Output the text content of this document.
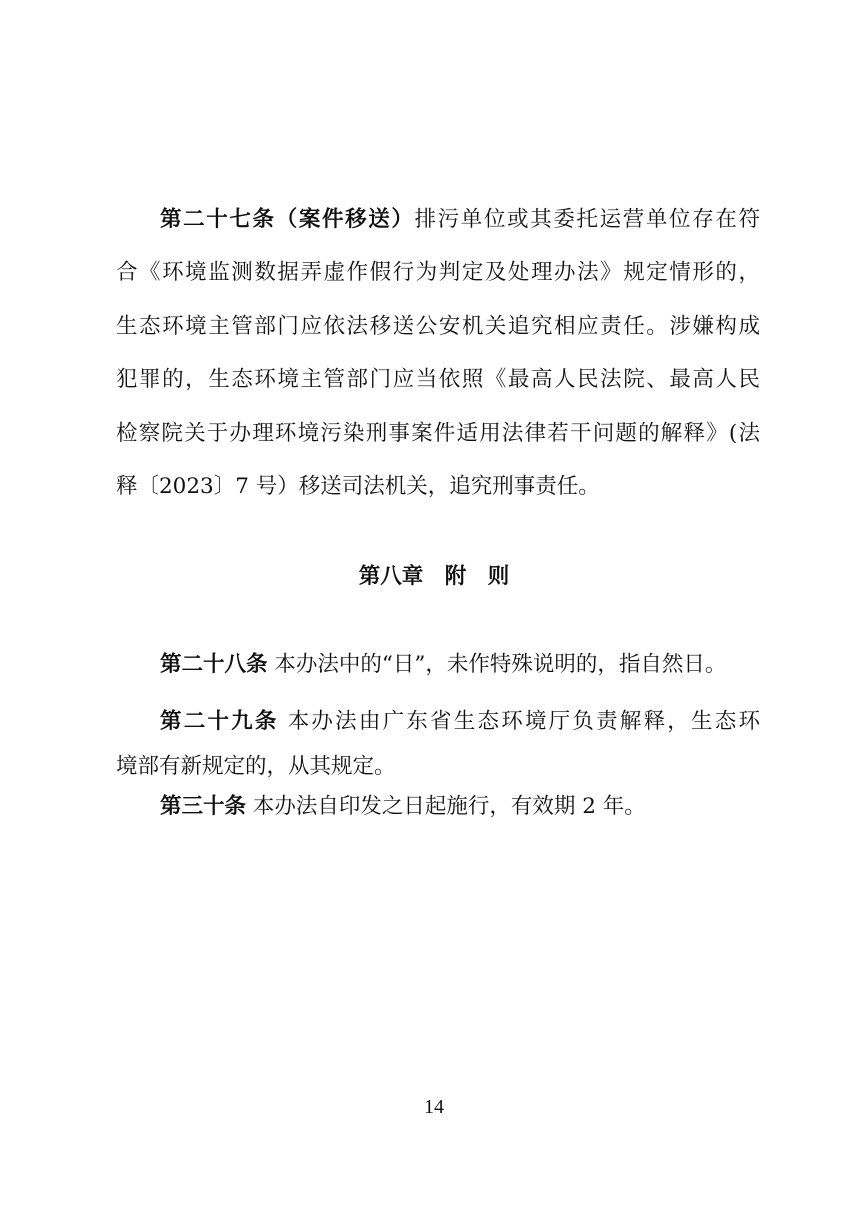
第二十七条（案件移送）排污单位或其委托运营单位存在符
合《环境监测数据弄虚作假行为判定及处理办法》规定情形的，
生态环境主管部门应依法移送公安机关追究相应责任。涉嫌构成
犯罪的，生态环境主管部门应当依照《最高人民法院、最高人民
检察院关于办理环境污染刑事案件适用法律若干问题的解释》(法
释〔2023〕7 号）移送司法机关，追究刑事责任。
第八章　附　则
第二十八条 本办法中的“日”，未作特殊说明的，指自然日。
第二十九条 本办法由广东省生态环境厅负责解释，生态环
境部有新规定的，从其规定。
第三十条 本办法自印发之日起施行，有效期 2 年。
14
